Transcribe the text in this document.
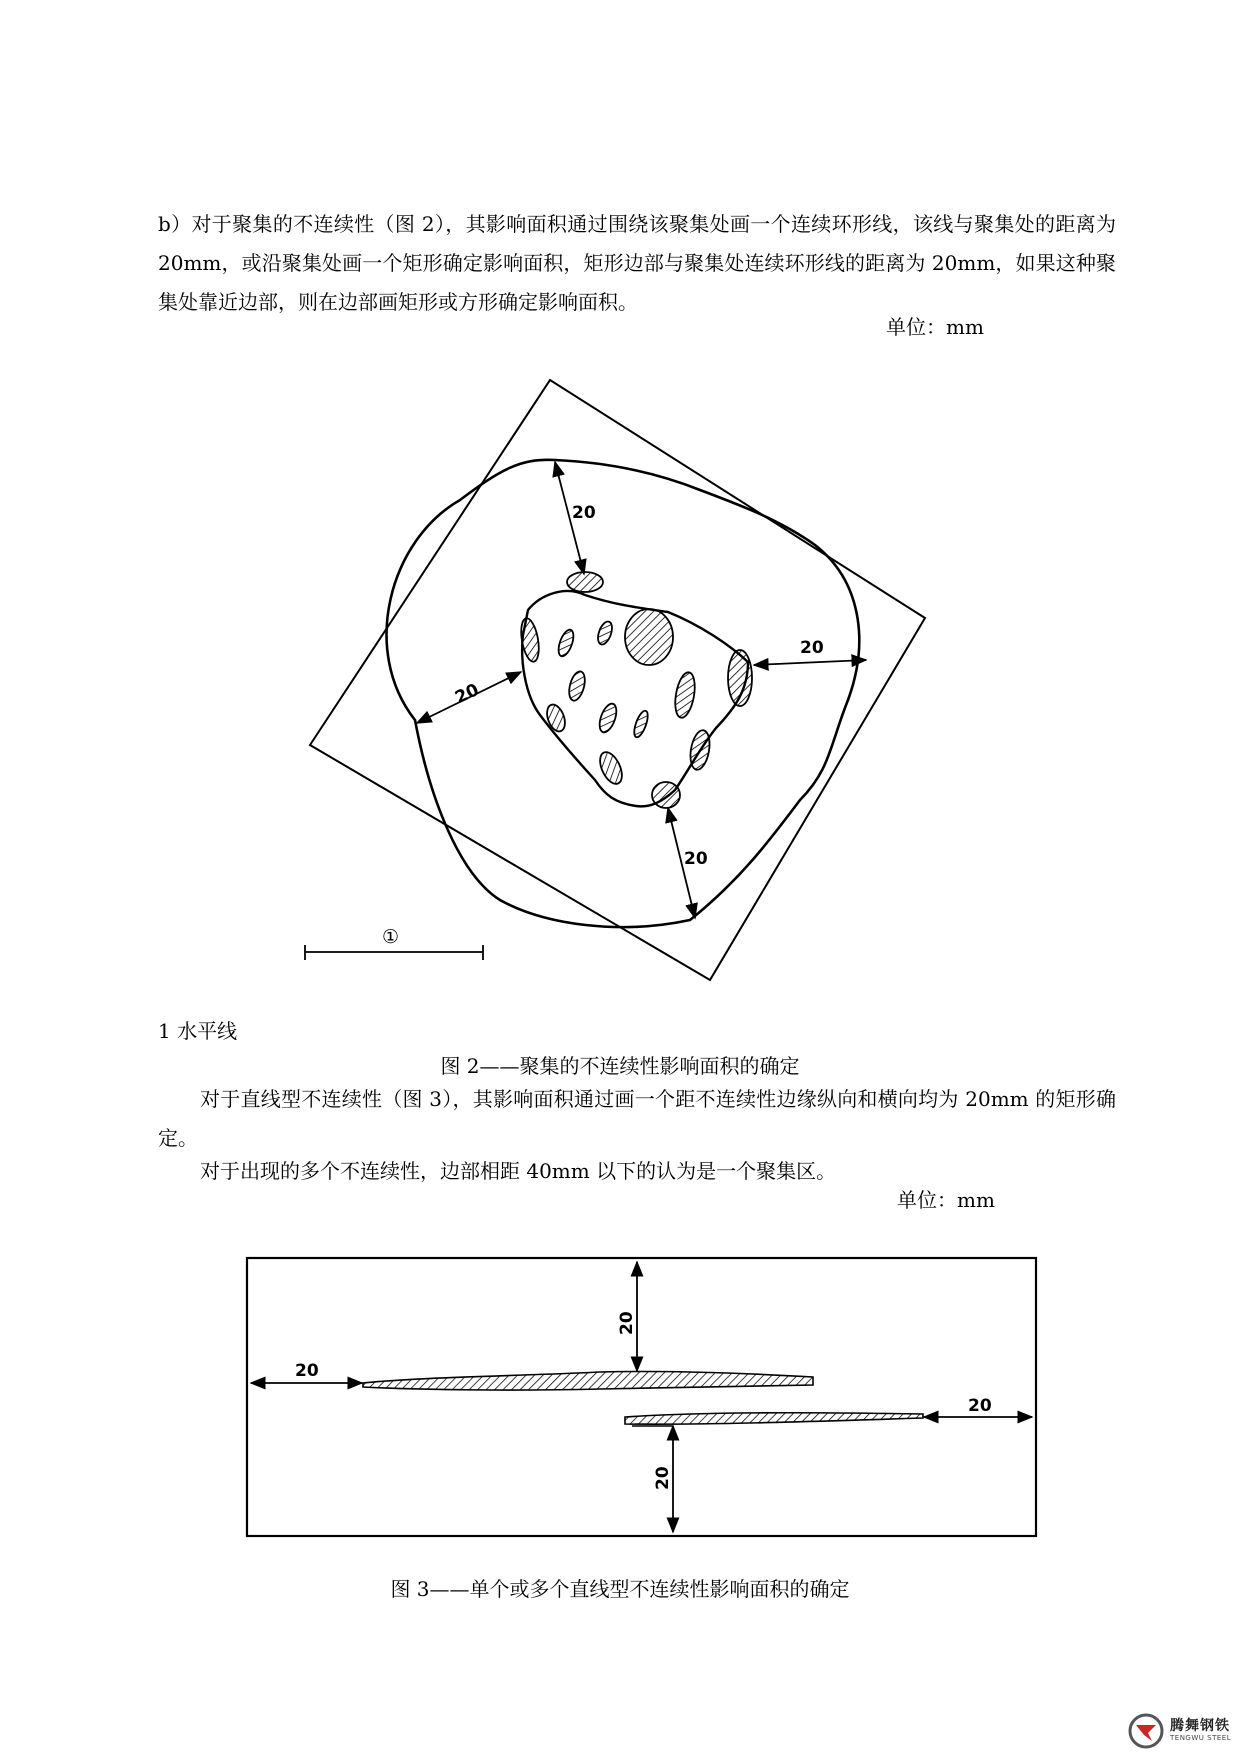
b）对于聚集的不连续性（图 2），其影响面积通过围绕该聚集处画一个连续环形线，该线与聚集处的距离为 20mm，或沿聚集处画一个矩形确定影响面积，矩形边部与聚集处连续环形线的距离为 20mm，如果这种聚集处靠近边部，则在边部画矩形或方形确定影响面积。

单位：mm
20
20
20
20
①
1 水平线
图 2——聚集的不连续性影响面积的确定

对于直线型不连续性（图 3），其影响面积通过画一个距不连续性边缘纵向和横向均为 20mm 的矩形确定。

对于出现的多个不连续性，边部相距 40mm 以下的认为是一个聚集区。

单位：mm
20
20
20
20
图 3——单个或多个直线型不连续性影响面积的确定
腾舞钢铁
TENGWU STEEL
